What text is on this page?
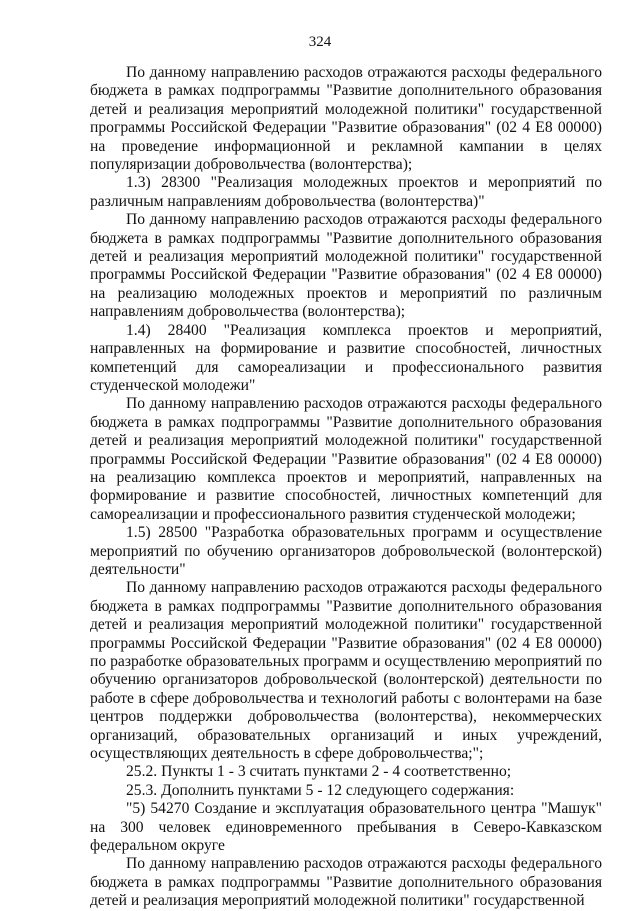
324

По данному направлению расходов отражаются расходы федерального бюджета в рамках подпрограммы "Развитие дополнительного образования детей и реализация мероприятий молодежной политики" государственной программы Российской Федерации "Развитие образования" (02 4 Е8 00000) на проведение информационной и рекламной кампании в целях популяризации добровольчества (волонтерства);

1.3) 28300 "Реализация молодежных проектов и мероприятий по различным направлениям добровольчества (волонтерства)"

По данному направлению расходов отражаются расходы федерального бюджета в рамках подпрограммы "Развитие дополнительного образования детей и реализация мероприятий молодежной политики" государственной программы Российской Федерации "Развитие образования" (02 4 Е8 00000) на реализацию молодежных проектов и мероприятий по различным направлениям добровольчества (волонтерства);

1.4) 28400 "Реализация комплекса проектов и мероприятий, направленных на формирование и развитие способностей, личностных компетенций для самореализации и профессионального развития студенческой молодежи"

По данному направлению расходов отражаются расходы федерального бюджета в рамках подпрограммы "Развитие дополнительного образования детей и реализация мероприятий молодежной политики" государственной программы Российской Федерации "Развитие образования" (02 4 Е8 00000) на реализацию комплекса проектов и мероприятий, направленных на формирование и развитие способностей, личностных компетенций для самореализации и профессионального развития студенческой молодежи;

1.5) 28500 "Разработка образовательных программ и осуществление мероприятий по обучению организаторов добровольческой (волонтерской) деятельности"

По данному направлению расходов отражаются расходы федерального бюджета в рамках подпрограммы "Развитие дополнительного образования детей и реализация мероприятий молодежной политики" государственной программы Российской Федерации "Развитие образования" (02 4 Е8 00000) по разработке образовательных программ и осуществлению мероприятий по обучению организаторов добровольческой (волонтерской) деятельности по работе в сфере добровольчества и технологий работы с волонтерами на базе центров поддержки добровольчества (волонтерства), некоммерческих организаций, образовательных организаций и иных учреждений, осуществляющих деятельность в сфере добровольчества;";

25.2. Пункты 1 - 3 считать пунктами 2 - 4 соответственно;

25.3. Дополнить пунктами 5 - 12 следующего содержания:

"5) 54270 Создание и эксплуатация образовательного центра "Машук" на 300 человек единовременного пребывания в Северо-Кавказском федеральном округе

По данному направлению расходов отражаются расходы федерального бюджета в рамках подпрограммы "Развитие дополнительного образования детей и реализация мероприятий молодежной политики" государственной
